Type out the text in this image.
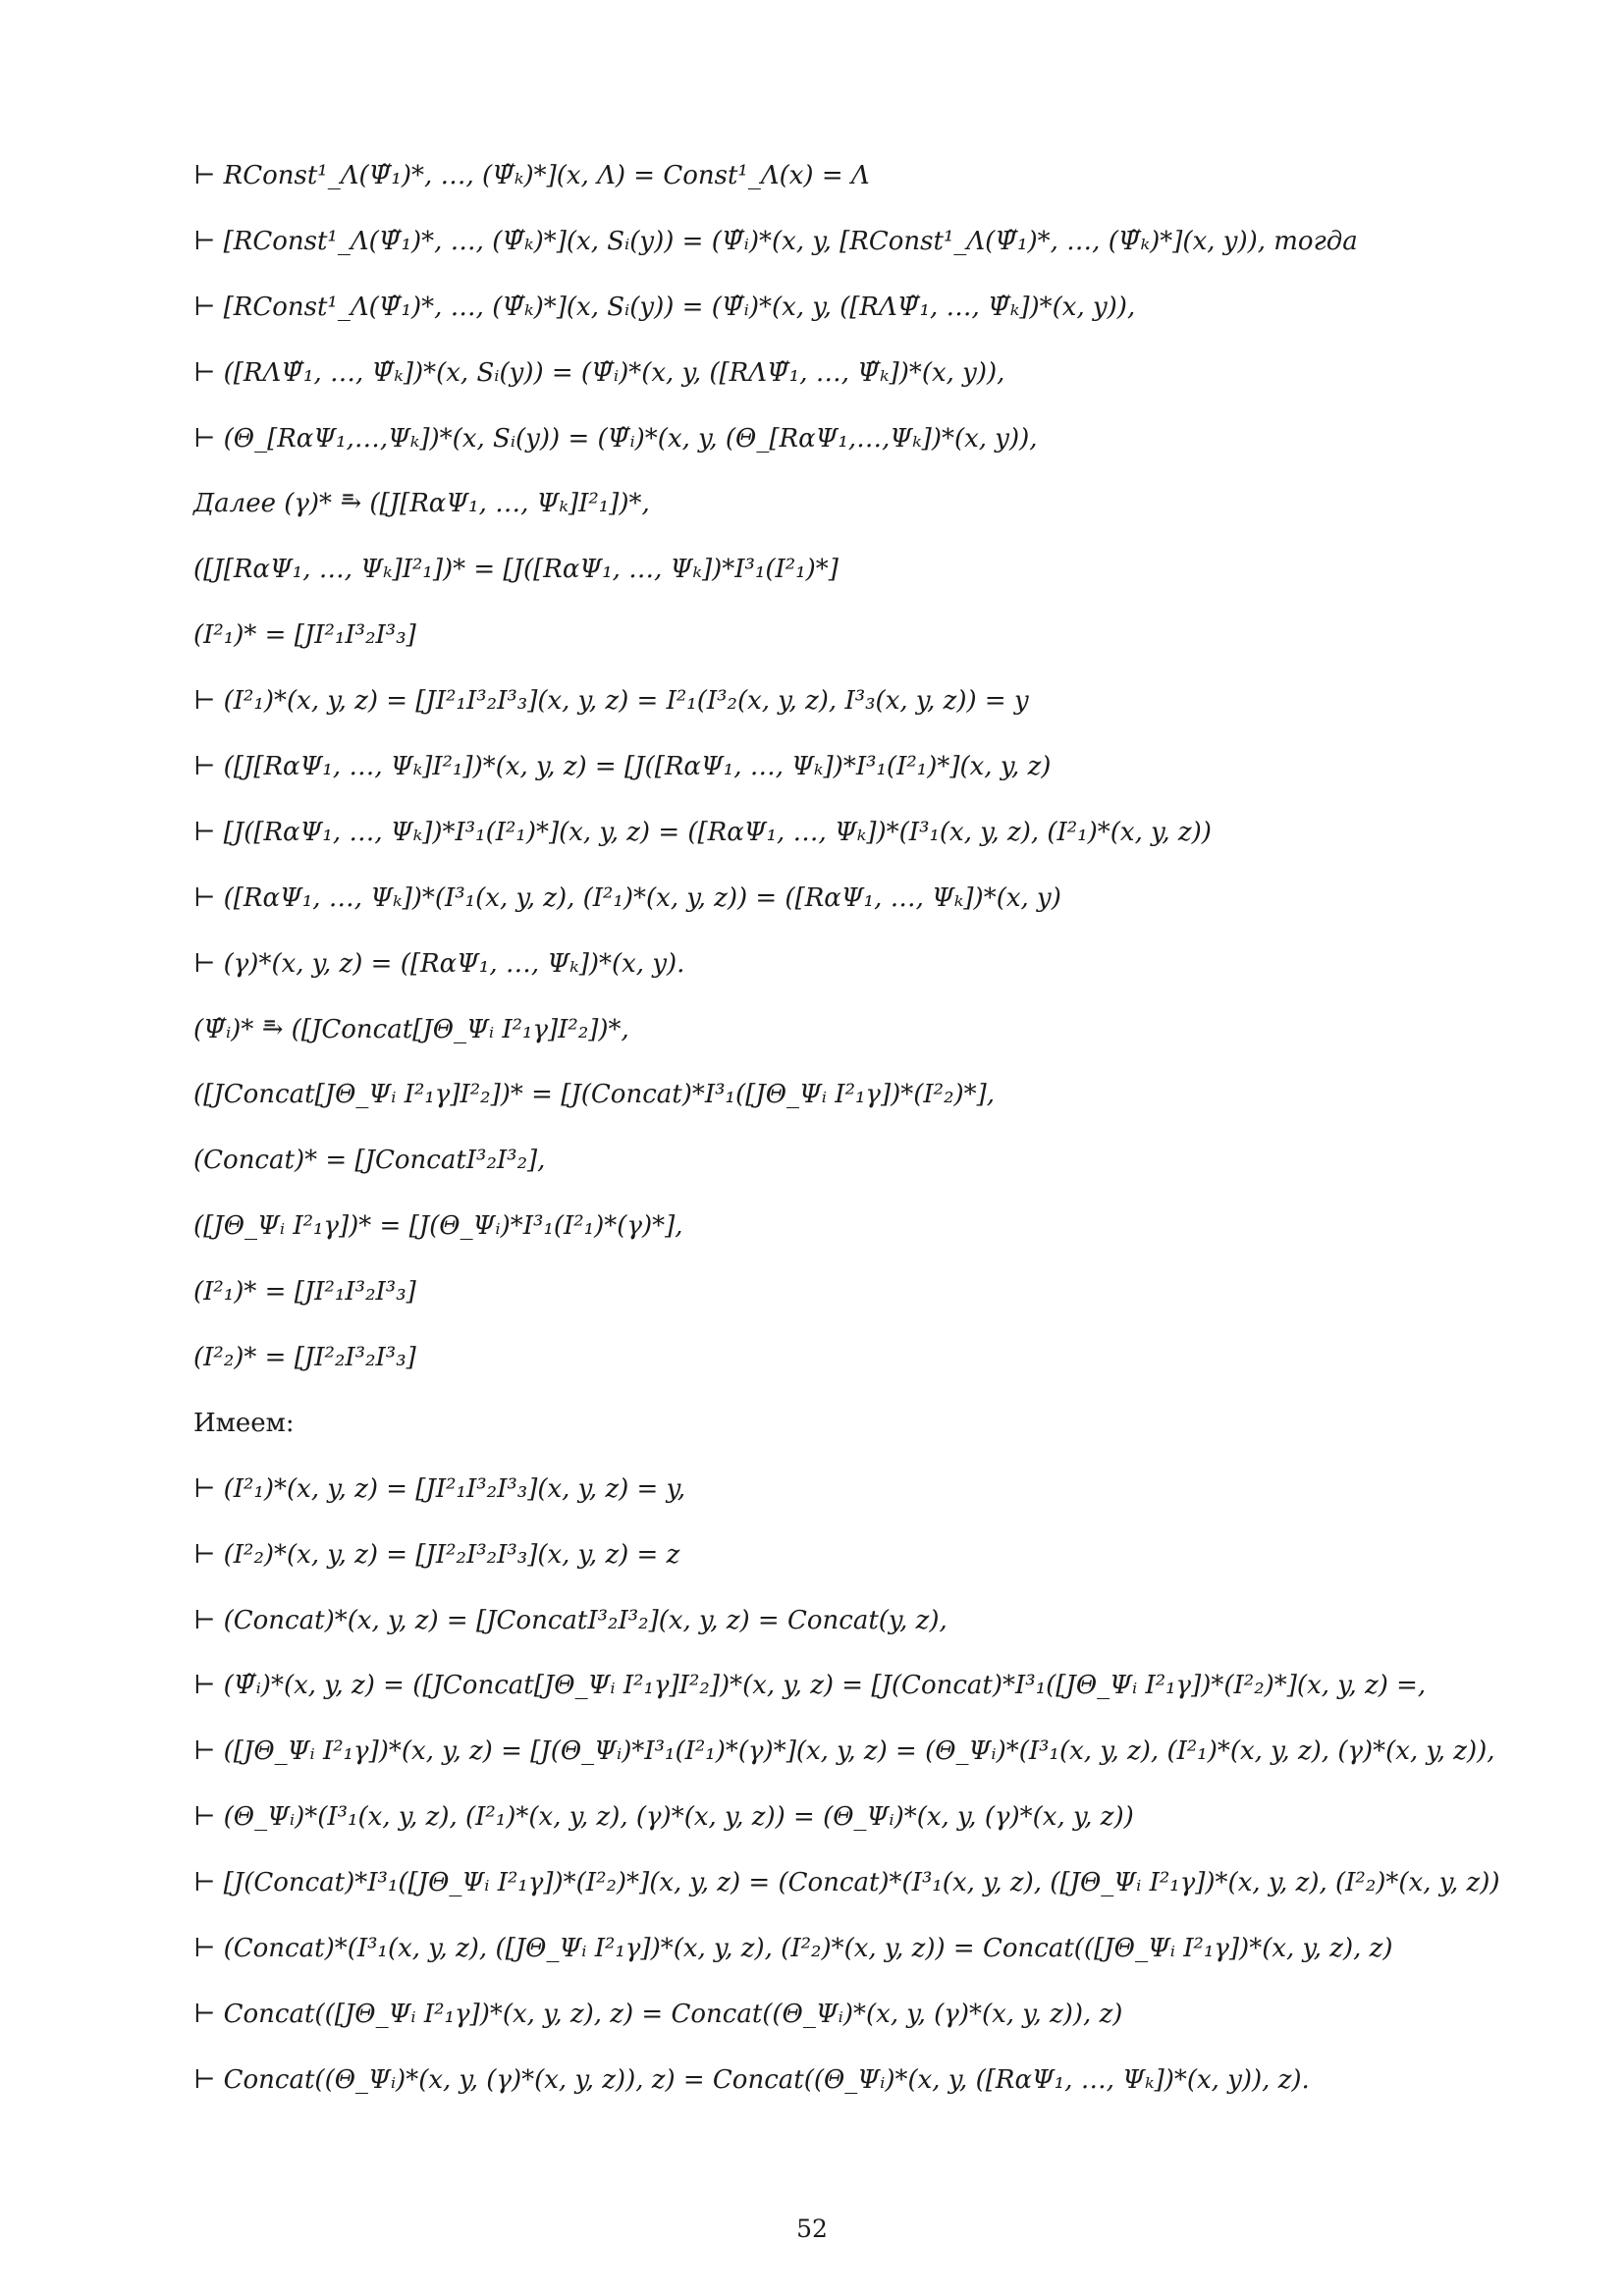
⊢ RConst¹_Λ(Ψ̃₁)*, …, (Ψ̃ₖ)*](x, Λ) = Const¹_Λ(x) = Λ
⊢ [RConst¹_Λ(Ψ̃₁)*, …, (Ψ̃ₖ)*](x, Sᵢ(y)) = (Ψ̃ᵢ)*(x, y, [RConst¹_Λ(Ψ̃₁)*, …, (Ψ̃ₖ)*](x, y)), тогда
⊢ [RConst¹_Λ(Ψ̃₁)*, …, (Ψ̃ₖ)*](x, Sᵢ(y)) = (Ψ̃ᵢ)*(x, y, ([RΛΨ̃₁, …, Ψ̃ₖ])*(x, y)),
⊢ ([RΛΨ̃₁, …, Ψ̃ₖ])*(x, Sᵢ(y)) = (Ψ̃ᵢ)*(x, y, ([RΛΨ̃₁, …, Ψ̃ₖ])*(x, y)),
⊢ (Θ_[RαΨ₁,…,Ψₖ])*(x, Sᵢ(y)) = (Ψ̃ᵢ)*(x, y, (Θ_[RαΨ₁,…,Ψₖ])*(x, y)),
Далее (γ)* ⥱ ([J[RαΨ₁, …, Ψₖ]I²₁])*,
([J[RαΨ₁, …, Ψₖ]I²₁])* = [J([RαΨ₁, …, Ψₖ])*I³₁(I²₁)*]
(I²₁)* = [JI²₁I³₂I³₃]
⊢ (I²₁)*(x, y, z) = [JI²₁I³₂I³₃](x, y, z) = I²₁(I³₂(x, y, z), I³₃(x, y, z)) = y
⊢ ([J[RαΨ₁, …, Ψₖ]I²₁])*(x, y, z) = [J([RαΨ₁, …, Ψₖ])*I³₁(I²₁)*](x, y, z)
⊢ [J([RαΨ₁, …, Ψₖ])*I³₁(I²₁)*](x, y, z) = ([RαΨ₁, …, Ψₖ])*(I³₁(x, y, z), (I²₁)*(x, y, z))
⊢ ([RαΨ₁, …, Ψₖ])*(I³₁(x, y, z), (I²₁)*(x, y, z)) = ([RαΨ₁, …, Ψₖ])*(x, y)
⊢ (γ)*(x, y, z) = ([RαΨ₁, …, Ψₖ])*(x, y).
(Ψ̃ᵢ)* ⥱ ([JConcat[JΘ_Ψᵢ I²₁γ]I²₂])*,
([JConcat[JΘ_Ψᵢ I²₁γ]I²₂])* = [J(Concat)*I³₁([JΘ_Ψᵢ I²₁γ])*(I²₂)*],
(Concat)* = [JConcatI³₂I³₂],
([JΘ_Ψᵢ I²₁γ])* = [J(Θ_Ψᵢ)*I³₁(I²₁)*(γ)*],
(I²₁)* = [JI²₁I³₂I³₃]
(I²₂)* = [JI²₂I³₂I³₃]
Имеем:
⊢ (I²₁)*(x, y, z) = [JI²₁I³₂I³₃](x, y, z) = y,
⊢ (I²₂)*(x, y, z) = [JI²₂I³₂I³₃](x, y, z) = z
⊢ (Concat)*(x, y, z) = [JConcatI³₂I³₂](x, y, z) = Concat(y, z),
⊢ (Ψ̃ᵢ)*(x, y, z) = ([JConcat[JΘ_Ψᵢ I²₁γ]I²₂])*(x, y, z) = [J(Concat)*I³₁([JΘ_Ψᵢ I²₁γ])*(I²₂)*](x, y, z) =,
⊢ ([JΘ_Ψᵢ I²₁γ])*(x, y, z) = [J(Θ_Ψᵢ)*I³₁(I²₁)*(γ)*](x, y, z) = (Θ_Ψᵢ)*(I³₁(x, y, z), (I²₁)*(x, y, z), (γ)*(x, y, z)),
⊢ (Θ_Ψᵢ)*(I³₁(x, y, z), (I²₁)*(x, y, z), (γ)*(x, y, z)) = (Θ_Ψᵢ)*(x, y, (γ)*(x, y, z))
⊢ [J(Concat)*I³₁([JΘ_Ψᵢ I²₁γ])*(I²₂)*](x, y, z) = (Concat)*(I³₁(x, y, z), ([JΘ_Ψᵢ I²₁γ])*(x, y, z), (I²₂)*(x, y, z))
⊢ (Concat)*(I³₁(x, y, z), ([JΘ_Ψᵢ I²₁γ])*(x, y, z), (I²₂)*(x, y, z)) = Concat(([JΘ_Ψᵢ I²₁γ])*(x, y, z), z)
⊢ Concat(([JΘ_Ψᵢ I²₁γ])*(x, y, z), z) = Concat((Θ_Ψᵢ)*(x, y, (γ)*(x, y, z)), z)
⊢ Concat((Θ_Ψᵢ)*(x, y, (γ)*(x, y, z)), z) = Concat((Θ_Ψᵢ)*(x, y, ([RαΨ₁, …, Ψₖ])*(x, y)), z).
52
